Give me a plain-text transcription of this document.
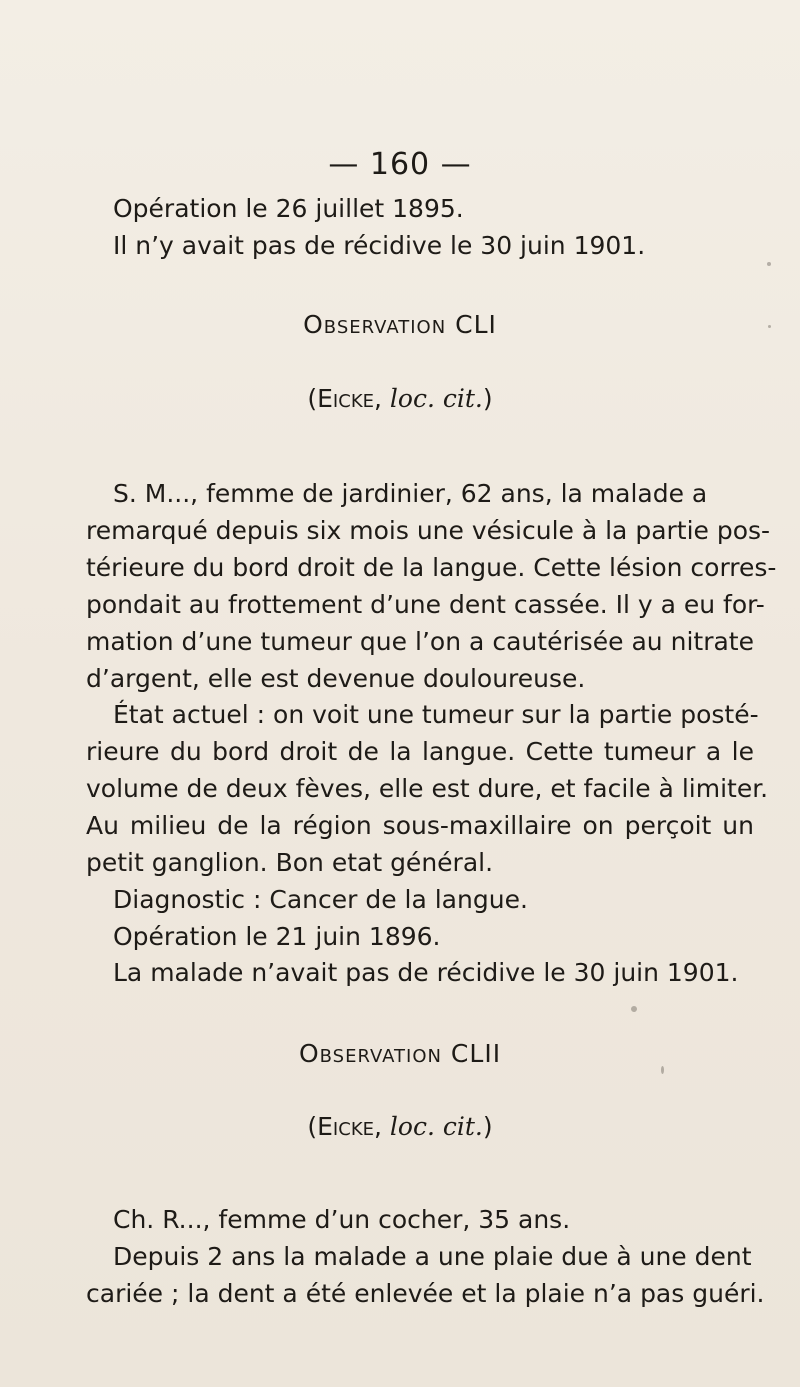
— 160 —
Opération le 26 juillet 1895.
Il n’y avait pas de récidive le 30 juin 1901.
Observation CLI
(Eicke, loc. cit.)
S. M..., femme de jardinier, 62 ans, la malade a
remarqué depuis six mois une vésicule à la partie pos-
térieure du bord droit de la langue. Cette lésion corres-
pondait au frottement d’une dent cassée. Il y a eu for-
mation d’une tumeur que l’on a cautérisée au nitrate
d’argent, elle est devenue douloureuse.
État actuel : on voit une tumeur sur la partie posté-
rieure du bord droit de la langue. Cette tumeur a le
volume de deux fèves, elle est dure, et facile à limiter.
Au milieu de la région sous-maxillaire on perçoit un
petit ganglion. Bon etat général.
Diagnostic : Cancer de la langue.
Opération le 21 juin 1896.
La malade n’avait pas de récidive le 30 juin 1901.
Observation CLII
(Eicke, loc. cit.)
Ch. R..., femme d’un cocher, 35 ans.
Depuis 2 ans la malade a une plaie due à une dent
cariée ; la dent a été enlevée et la plaie n’a pas guéri.
